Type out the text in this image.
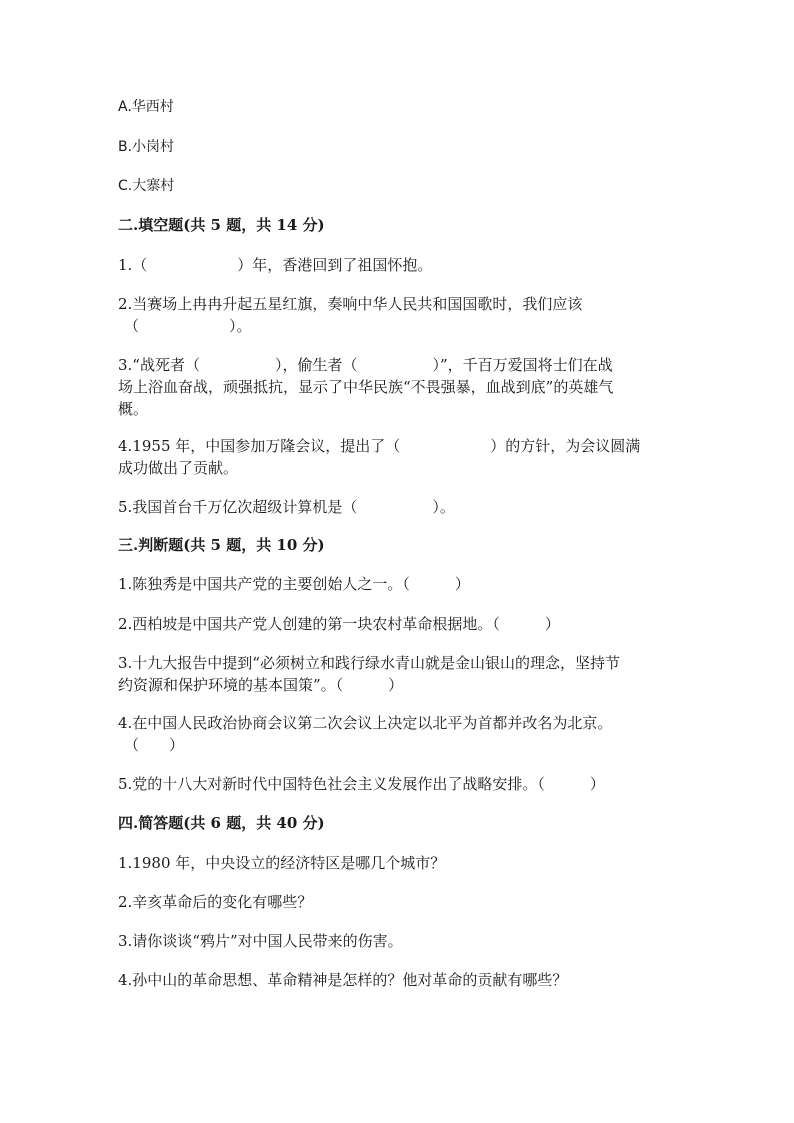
A.华西村
B.小岗村
C.大寨村
二.填空题(共 5 题，共 14 分)
1.（　　　　　　）年，香港回到了祖国怀抱。
2.当赛场上冉冉升起五星红旗，奏响中华人民共和国国歌时，我们应该
（　　　　　　）。
3.“战死者（　　　　　），偷生者（　　　　　）”，千百万爱国将士们在战
场上浴血奋战，顽强抵抗，显示了中华民族“不畏强暴，血战到底”的英雄气
概。
4.1955 年，中国参加万隆会议，提出了（　　　　　　）的方针，为会议圆满
成功做出了贡献。
5.我国首台千万亿次超级计算机是（　　　　　）。
三.判断题(共 5 题，共 10 分)
1.陈独秀是中国共产党的主要创始人之一。（　　　）
2.西柏坡是中国共产党人创建的第一块农村革命根据地。（　　　）
3.十九大报告中提到“必须树立和践行绿水青山就是金山银山的理念，坚持节
约资源和保护环境的基本国策”。（　　　）
4.在中国人民政治协商会议第二次会议上决定以北平为首都并改名为北京。
（　　）
5.党的十八大对新时代中国特色社会主义发展作出了战略安排。（　　　）
四.简答题(共 6 题，共 40 分)
1.1980 年，中央设立的经济特区是哪几个城市？
2.辛亥革命后的变化有哪些？
3.请你谈谈“鸦片”对中国人民带来的伤害。
4.孙中山的革命思想、革命精神是怎样的？他对革命的贡献有哪些？
